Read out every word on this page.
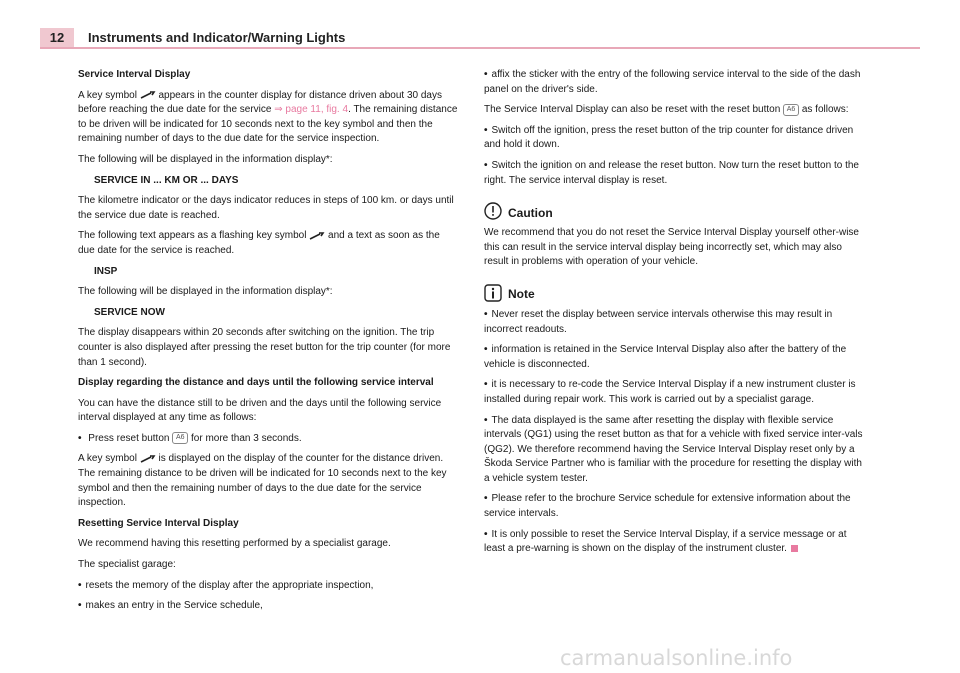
12	Instruments and Indicator/Warning Lights

Service Interval Display

A key symbol appears in the counter display for distance driven about 30 days before reaching the due date for the service ⇒ page 11, fig. 4. The remaining distance to be driven will be indicated for 10 seconds next to the key symbol and then the remaining number of days to the due date for the service inspection.

The following will be displayed in the information display*:

SERVICE IN ... KM OR ... DAYS

The kilometre indicator or the days indicator reduces in steps of 100 km. or days until the service due date is reached.

The following text appears as a flashing key symbol and a text as soon as the due date for the service is reached.

INSP

The following will be displayed in the information display*:

SERVICE NOW

The display disappears within 20 seconds after switching on the ignition. The trip counter is also displayed after pressing the reset button for the trip counter (for more than 1 second).

Display regarding the distance and days until the following service interval

You can have the distance still to be driven and the days until the following service interval displayed at any time as follows:

• Press reset button A6 for more than 3 seconds.

A key symbol is displayed on the display of the counter for the distance driven. The remaining distance to be driven will be indicated for 10 seconds next to the key symbol and then the remaining number of days to the due date for the service inspection.

Resetting Service Interval Display

We recommend having this resetting performed by a specialist garage.

The specialist garage:

• resets the memory of the display after the appropriate inspection,

• makes an entry in the Service schedule,

• affix the sticker with the entry of the following service interval to the side of the dash panel on the driver's side.

The Service Interval Display can also be reset with the reset button A6 as follows:

• Switch off the ignition, press the reset button of the trip counter for distance driven and hold it down.

• Switch the ignition on and release the reset button. Now turn the reset button to the right. The service interval display is reset.

Caution

We recommend that you do not reset the Service Interval Display yourself other-wise this can result in the service interval display being incorrectly set, which may also result in problems with operation of your vehicle.

Note

• Never reset the display between service intervals otherwise this may result in incorrect readouts.

• information is retained in the Service Interval Display also after the battery of the vehicle is disconnected.

• it is necessary to re-code the Service Interval Display if a new instrument cluster is installed during repair work. This work is carried out by a specialist garage.

• The data displayed is the same after resetting the display with flexible service intervals (QG1) using the reset button as that for a vehicle with fixed service inter-vals (QG2). We therefore recommend having the Service Interval Display reset only by a Škoda Service Partner who is familiar with the procedure for resetting the display with a vehicle system tester.

• Please refer to the brochure Service schedule for extensive information about the service intervals.

• It is only possible to reset the Service Interval Display, if a service message or at least a pre-warning is shown on the display of the instrument cluster.

carmanualsonline.info
